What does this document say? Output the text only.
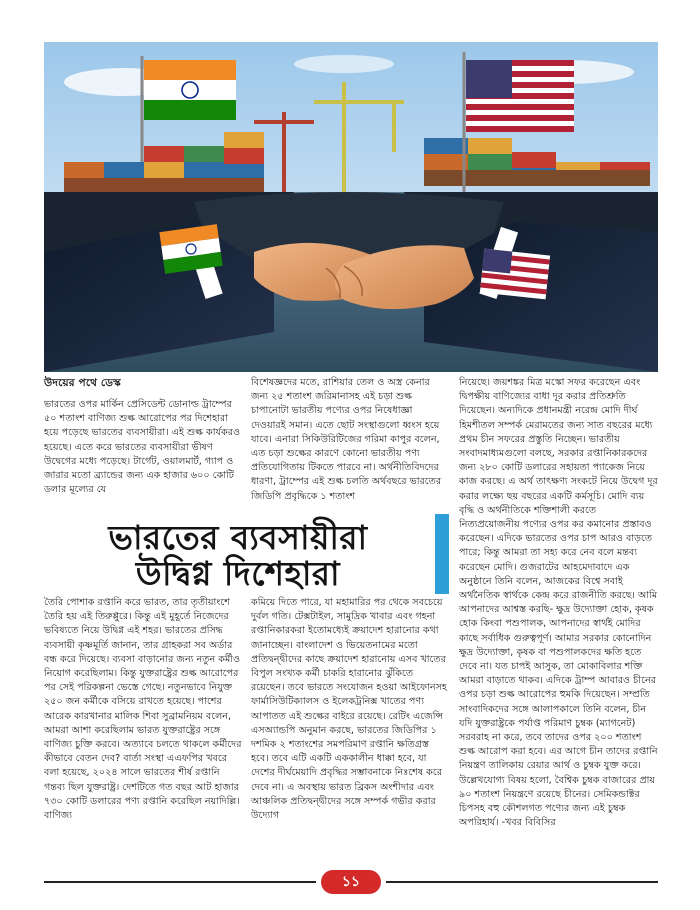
উদয়ের পথে ডেস্ক

ভারতের ওপর মার্কিন প্রেসিডেন্ট ডোনাল্ড ট্রাম্পের ৫০ শতাংশ বাণিজ্য শুল্ক আরোপের পর দিশেহারা হয়ে পড়েছে ভারতের ব্যবসায়ীরা। এই শুল্ক কার্যকরও হয়েছে। এতে করে ভারতের ব্যবসায়ীরা ভীষণ উদ্বেগের মধ্যে পড়েছে। টার্গেট, ওয়ালমার্ট, গ্যাপ ও জারার মতো ব্র্যান্ডের জন্য এক হাজার ৬০০ কোটি ডলার মূল্যের যে

বিশেষজ্ঞদের মতে, রাশিয়ার তেল ও অস্ত্র কেনার জন্য ২৫ শতাংশ জরিমানাসহ এই চড়া শুল্ক চাপানোটা ভারতীয় পণ্যের ওপর নিষেধাজ্ঞা দেওয়ারই সমান। এতে ছোট সংস্থাগুলো ধ্বংস হয়ে যাবে। এনারা সিকিউরিটিজের গরিমা কাপুর বলেন, এত চড়া শুল্কের কারণে কোনো ভারতীয় পণ্য প্রতিযোগিতায় টিকতে পারবে না। অর্থনীতিবিদদের ধারণা, ট্রাম্পের এই শুল্ক চলতি অর্থবছরে ভারতের জিডিপি প্রবৃদ্ধিকে ১ শতাংশ

নিয়েছে। জয়শঙ্কর মিত্র মস্কো সফর করেছেন এবং দ্বিপক্ষীয় বাণিজ্যের বাধা দূর করার প্রতিশ্রুতি দিয়েছেন। অন্যদিকে প্রধানমন্ত্রী নরেন্দ্র মোদি দীর্ঘ হিমশীতল সম্পর্ক মেরামতের জন্য সাত বছরের মধ্যে প্রথম চীন সফরের প্রস্তুতি নিচ্ছেন। ভারতীয় সংবাদমাধ্যমগুলো বলছে, সরকার রপ্তানিকারকদের জন্য ২৮০ কোটি ডলারের সহায়তা প্যাকেজ নিয়ে কাজ করছে। এ অর্থ তাৎক্ষণ্য সংকটে নিয়ে উদ্বেগ দূর করার লক্ষ্যে ছয় বছরের একটি কর্মসূচি। মোদি ব্যয় বৃদ্ধি ও অর্থনীতিকে শক্তিশালী করতে নিত্যপ্রয়োজনীয় পণ্যের ওপর কর কমানোর প্রস্তাবও করেছেন। এদিকে ভারতের ওপর চাপ আরও বাড়তে পারে; কিন্তু আমরা তা সহ্য করে নেব বলে মন্তব্য করেছেন মোদি। গুজরাটের আহমেদাবাদে এক অনুষ্ঠানে তিনি বলেন, আজকের বিশ্বে সবাই অর্থনৈতিক স্বার্থকে কেন্দ্র করে রাজনীতি করছে। আমি আপনাদের আশ্বস্ত করছি- ক্ষুদ্র উদ্যোক্তা হোক, কৃষক হোক কিংবা পশুপালক, আপনাদের স্বার্থই মোদির কাছে সর্বাধিক গুরুত্বপূর্ণ। আমার সরকার কোনোদিন ক্ষুদ্র উদ্যোক্তা, কৃষক বা পশুপালকদের ক্ষতি হতে দেবে না। যত চাপই আসুক, তা মোকাবিলার শক্তি আমরা বাড়াতে থাকব। এদিকে ট্রাম্প আবারও চীনের ওপর চড়া শুল্ক আরোপের হুমকি দিয়েছেন। সম্প্রতি সাংবাদিকদের সঙ্গে আলাপকালে তিনি বলেন, চীন যদি যুক্তরাষ্ট্রকে পর্যাপ্ত পরিমাণ চুম্বক (ম্যাগনেট) সরবরাহ না করে, তবে তাদের ওপর ২০০ শতাংশ শুল্ক আরোপ করা হবে। এর আগে চীন তাদের রপ্তানি নিয়ন্ত্রণ তালিকায় রেয়ার আর্থ ও চুম্বক যুক্ত করে। উল্লেখযোগ্য বিষয় হলো, বৈশ্বিক চুম্বক বাজারের প্রায় ৯০ শতাংশ নিয়ন্ত্রণে রয়েছে চীনের। সেমিকন্ডাক্টর চিপসহ বহু কৌশলগত পণ্যের জন্য এই চুম্বক অপরিহার্য। -খবর বিবিসির

ভারতের ব্যবসায়ীরা
উদ্বিগ্ন দিশেহারা

তৈরি পোশাক রপ্তানি করে ভারত, তার তৃতীয়াংশে তৈরি হয় এই তিরুপ্পুরে। কিন্তু এই মুহূর্তে নিজেদের ভবিষ্যতে নিয়ে উদ্বিগ্ন এই শহর। ভারতের প্রসিদ্ধ ব্যবসায়ী কৃষ্ণমূর্তি জানান, তার গ্রাহকরা সব অর্ডার বন্ধ করে দিয়েছে। ব্যবসা বাড়ানোর জন্য নতুন কর্মীও নিয়োগ করেছিলাম। কিন্তু যুক্তরাষ্ট্রের শুল্ক আরোপের পর সেই পরিকল্পনা ভেস্তে গেছে। নতুনভাবে নিযুক্ত ২৫০ জন কর্মীকে বসিয়ে রাখতে হয়েছে। পাশের আরেক কারখানার মালিক শিবা সুব্রামনিয়ম বলেন, আমরা আশা করেছিলাম ভারত যুক্তরাষ্ট্রের সঙ্গে বাণিজ্য চুক্তি করবে। অত্যাবে চলতে থাকলে কর্মীদের কীভাবে বেতন দেব? বার্তা সংস্থা এএফপির খবরে বলা হয়েছে, ২০২৪ সালে ভারতের শীর্ষ রপ্তানি গন্তব্য ছিল যুক্তরাষ্ট্র। দেশটিতে গত বছর আট হাজার ৭৩০ কোটি ডলারের পণ্য রপ্তানি করেছিল নয়াদিল্লি। বাণিজ্য

কমিয়ে দিতে পারে, যা মহামারির পর থেকে সবচেয়ে দুর্বল গতি। টেক্সটাইল, সামুদ্রিক খাবার এবং গহনা রপ্তানিকারকরা ইতোমধ্যেই ক্রয়াদেশ হারানোর কথা জানাচ্ছেন। বাংলাদেশ ও ভিয়েতনামের মতো প্রতিদ্বন্দ্বীদের কাছে ক্রয়াদেশ হারানোয় এসব খাতের বিপুল সংখ্যক কর্মী চাকরি হারানোর ঝুঁকিতে রয়েছেন। তবে ভারতে সংযোজন হওয়া আইফোনসহ ফার্মাসিউটিক্যালস ও ইলেকট্রনিক্স খাতের পণ্য আপাতত এই শুল্কের বাইরে রয়েছে। রেটিং এজেন্সি এসঅ্যান্ডপি অনুমান করছে, ভারতের জিডিপির ১ দশমিক ২ শতাংশের সমপরিমাণ রপ্তানি ক্ষতিগ্রস্ত হবে। তবে এটি একটি এককালীন ধাক্কা হবে, যা দেশের দীর্ঘমেয়াদি প্রবৃদ্ধির সম্ভাবনাকে নিঃশেষ করে দেবে না। এ অবস্থায় ভারত ব্রিকস অংশীদার এবং আঞ্চলিক প্রতিদ্বন্দ্বীদের সঙ্গে সম্পর্ক গভীর করার উদ্যোগ

১১
